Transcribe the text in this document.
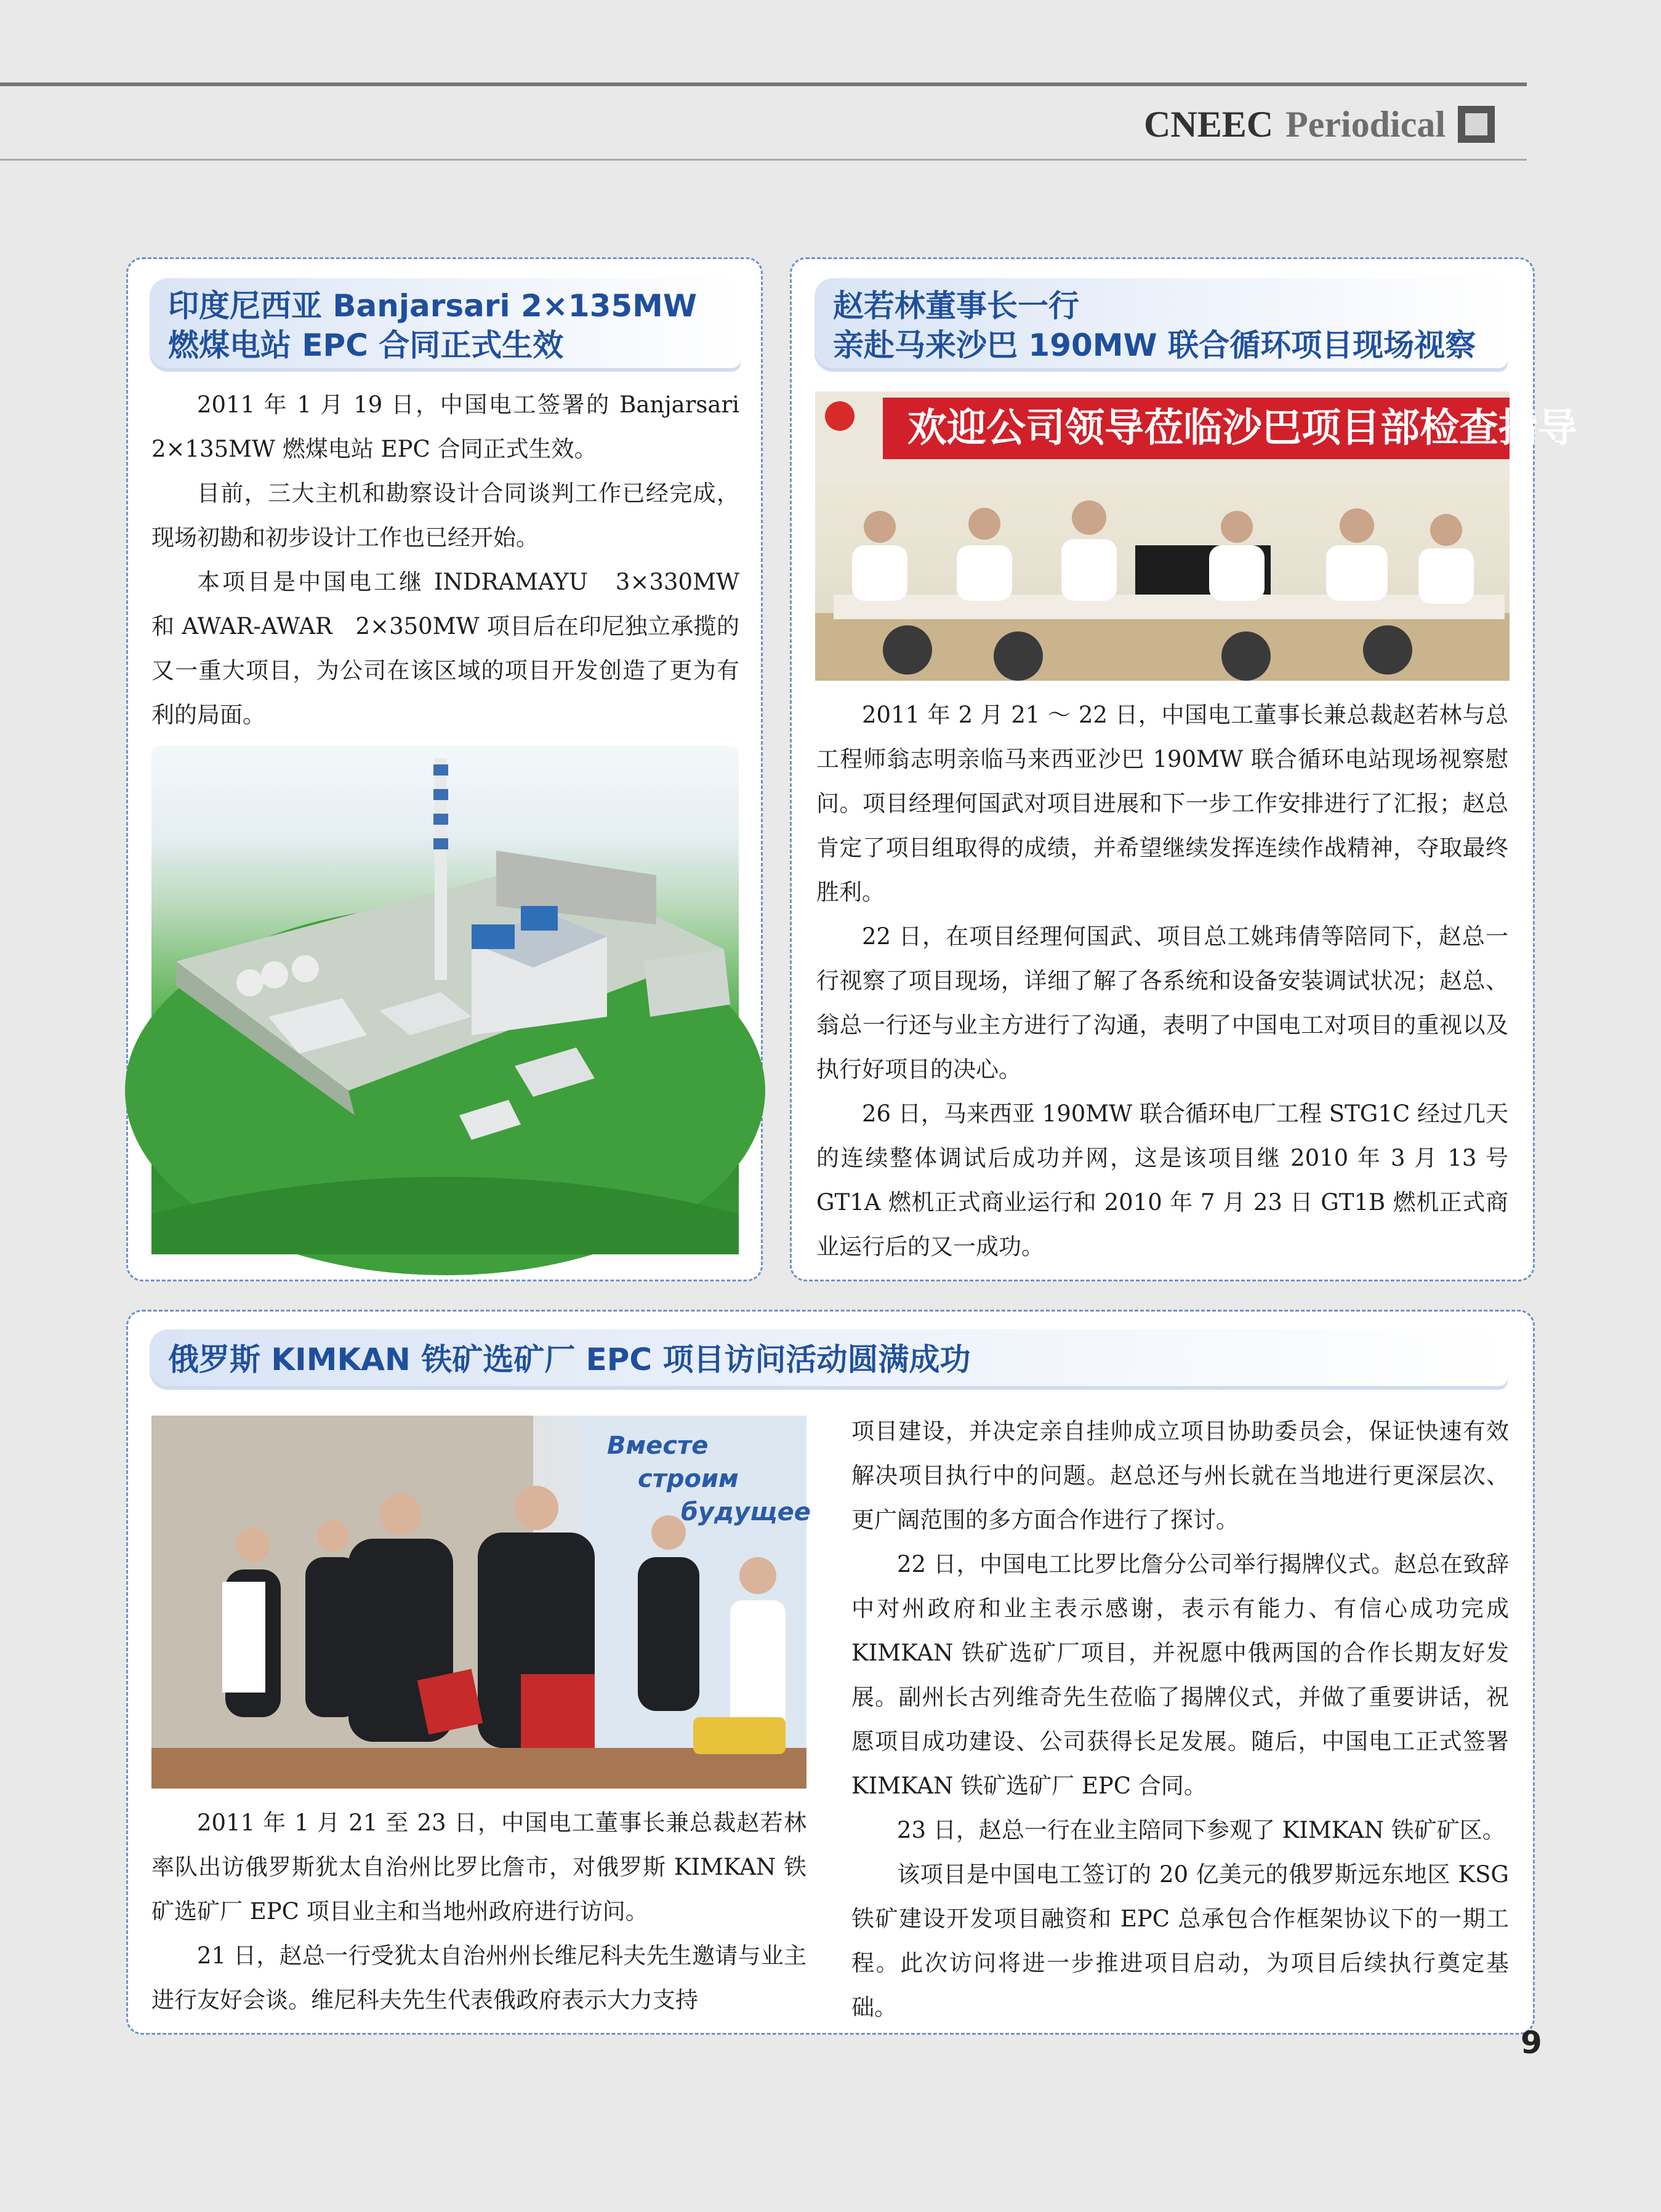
CNEEC Periodical
印度尼西亚 Banjarsari 2×135MW
燃煤电站 EPC 合同正式生效

2011 年 1 月 19 日，中国电工签署的 Banjarsari 2×135MW 燃煤电站 EPC 合同正式生效。

目前，三大主机和勘察设计合同谈判工作已经完成，现场初勘和初步设计工作也已经开始。

本项目是中国电工继 INDRAMAYU　3×330MW 和 AWAR-AWAR　2×350MW 项目后在印尼独立承揽的又一重大项目，为公司在该区域的项目开发创造了更为有利的局面。

赵若林董事长一行
亲赴马来沙巴 190MW 联合循环项目现场视察
欢迎公司领导莅临沙巴项目部检查指导

2011 年 2 月 21 ～ 22 日，中国电工董事长兼总裁赵若林与总工程师翁志明亲临马来西亚沙巴 190MW 联合循环电站现场视察慰问。项目经理何国武对项目进展和下一步工作安排进行了汇报；赵总肯定了项目组取得的成绩，并希望继续发挥连续作战精神，夺取最终胜利。

22 日，在项目经理何国武、项目总工姚玮倩等陪同下，赵总一行视察了项目现场，详细了解了各系统和设备安装调试状况；赵总、翁总一行还与业主方进行了沟通，表明了中国电工对项目的重视以及执行好项目的决心。

26 日，马来西亚 190MW 联合循环电厂工程 STG1C 经过几天的连续整体调试后成功并网，这是该项目继 2010 年 3 月 13 号 GT1A 燃机正式商业运行和 2010 年 7 月 23 日 GT1B 燃机正式商业运行后的又一成功。

俄罗斯 KIMKAN 铁矿选矿厂 EPC 项目访问活动圆满成功
Вместе
строим
будущее

2011 年 1 月 21 至 23 日，中国电工董事长兼总裁赵若林率队出访俄罗斯犹太自治州比罗比詹市，对俄罗斯 KIMKAN 铁矿选矿厂 EPC 项目业主和当地州政府进行访问。

21 日，赵总一行受犹太自治州州长维尼科夫先生邀请与业主进行友好会谈。维尼科夫先生代表俄政府表示大力支持

项目建设，并决定亲自挂帅成立项目协助委员会，保证快速有效解决项目执行中的问题。赵总还与州长就在当地进行更深层次、更广阔范围的多方面合作进行了探讨。

22 日，中国电工比罗比詹分公司举行揭牌仪式。赵总在致辞中对州政府和业主表示感谢，表示有能力、有信心成功完成 KIMKAN 铁矿选矿厂项目，并祝愿中俄两国的合作长期友好发展。副州长古列维奇先生莅临了揭牌仪式，并做了重要讲话，祝愿项目成功建设、公司获得长足发展。随后，中国电工正式签署 KIMKAN 铁矿选矿厂 EPC 合同。

23 日，赵总一行在业主陪同下参观了 KIMKAN 铁矿矿区。

该项目是中国电工签订的 20 亿美元的俄罗斯远东地区 KSG 铁矿建设开发项目融资和 EPC 总承包合作框架协议下的一期工程。此次访问将进一步推进项目启动，为项目后续执行奠定基础。

9
